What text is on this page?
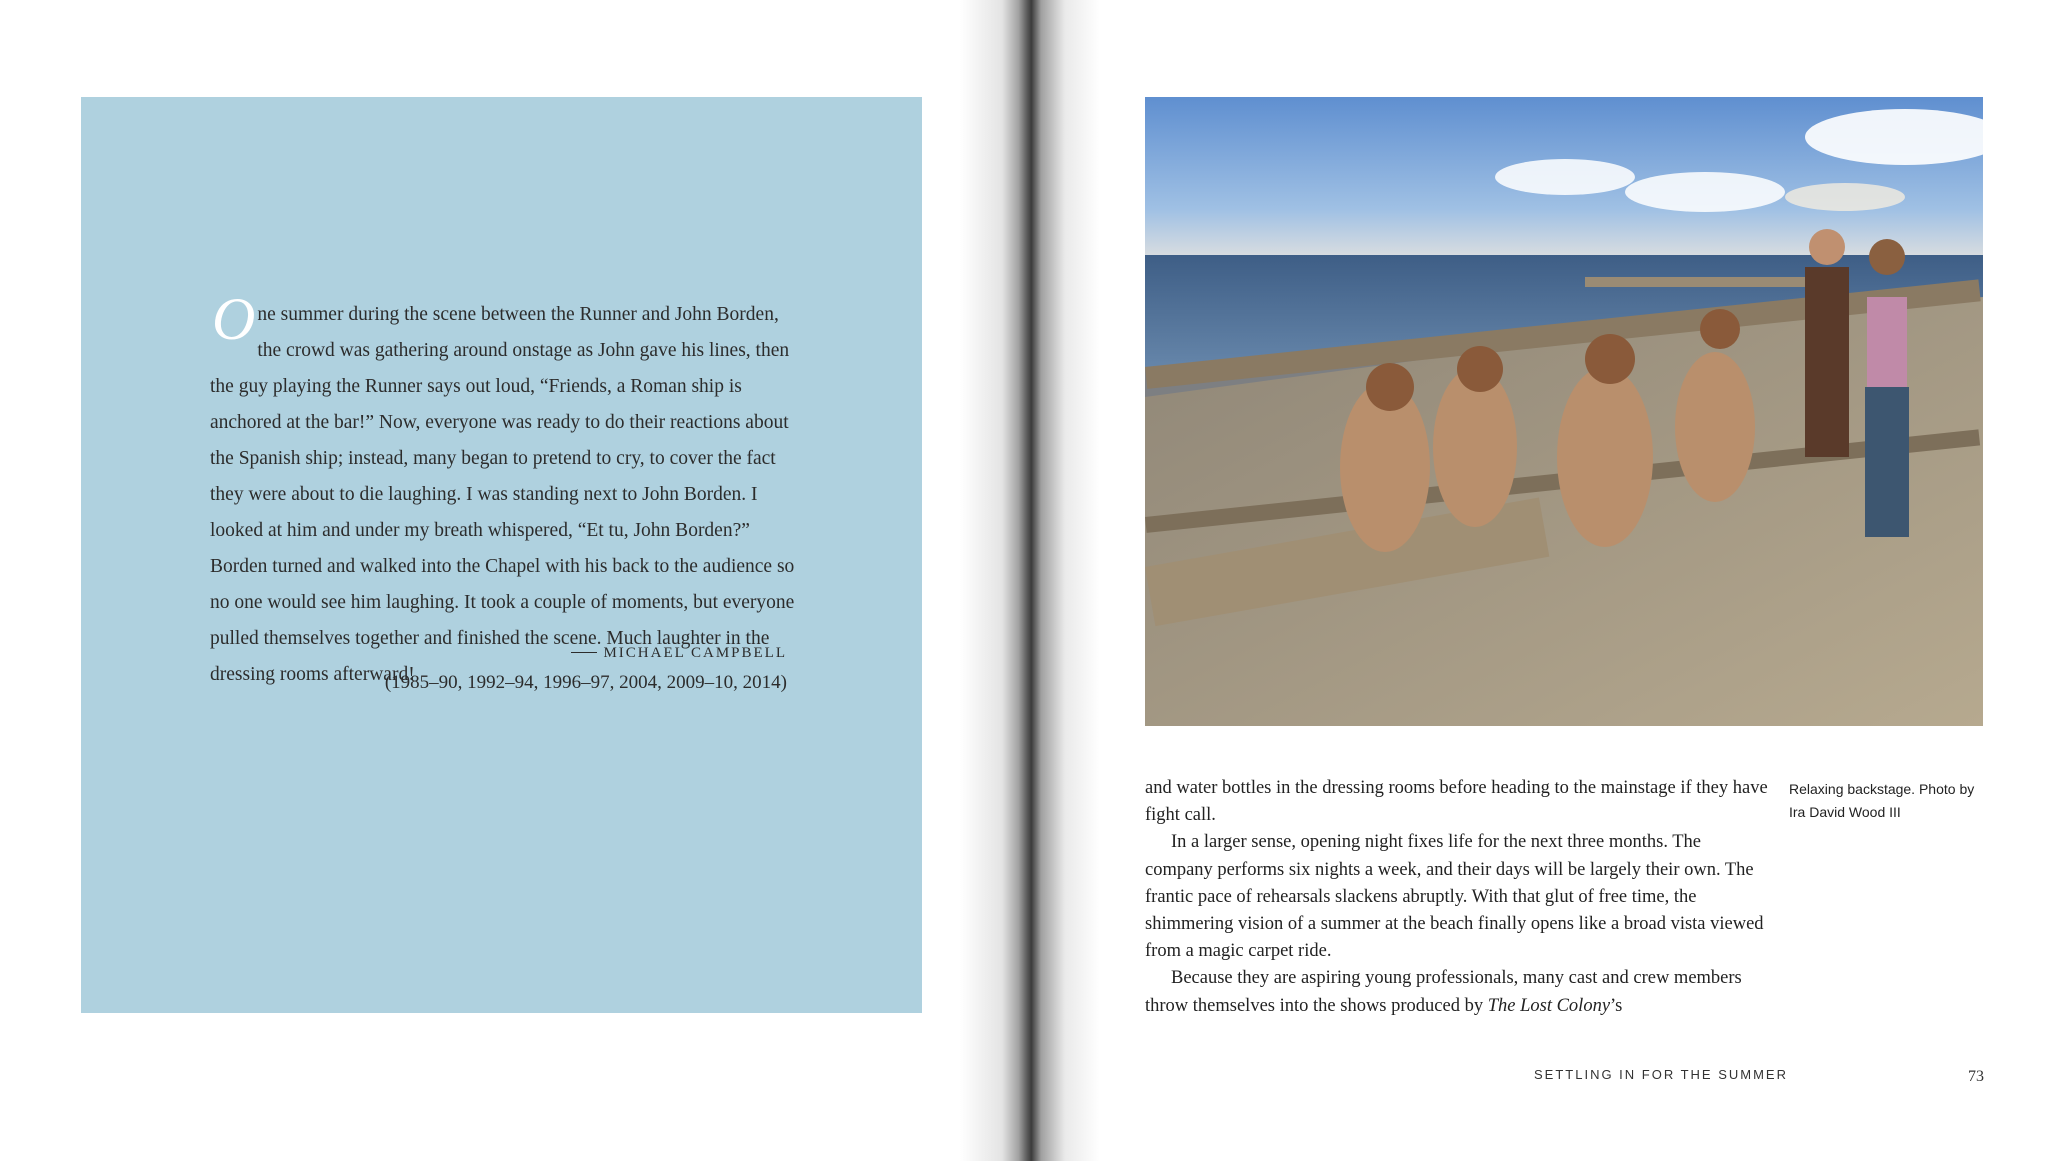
One summer during the scene between the Runner and John Borden, the crowd was gathering around onstage as John gave his lines, then the guy playing the Runner says out loud, “Friends, a Roman ship is anchored at the bar!” Now, everyone was ready to do their reactions about the Spanish ship; instead, many began to pretend to cry, to cover the fact they were about to die laughing. I was standing next to John Borden. I looked at him and under my breath whispered, “Et tu, John Borden?” Borden turned and walked into the Chapel with his back to the audience so no one would see him laughing. It took a couple of moments, but everyone pulled themselves together and finished the scene. Much laughter in the dressing rooms afterward!
MICHAEL CAMPBELL
(1985–90, 1992–94, 1996–97, 2004, 2009–10, 2014)

and water bottles in the dressing rooms before heading to the mainstage if they have fight call.

In a larger sense, opening night fixes life for the next three months. The company performs six nights a week, and their days will be largely their own. The frantic pace of rehearsals slackens abruptly. With that glut of free time, the shimmering vision of a summer at the beach finally opens like a broad vista viewed from a magic carpet ride.

Because they are aspiring young professionals, many cast and crew members throw themselves into the shows produced by The Lost Colony’s

Relaxing backstage. Photo by Ira David Wood III
SETTLING IN FOR THE SUMMER	73
